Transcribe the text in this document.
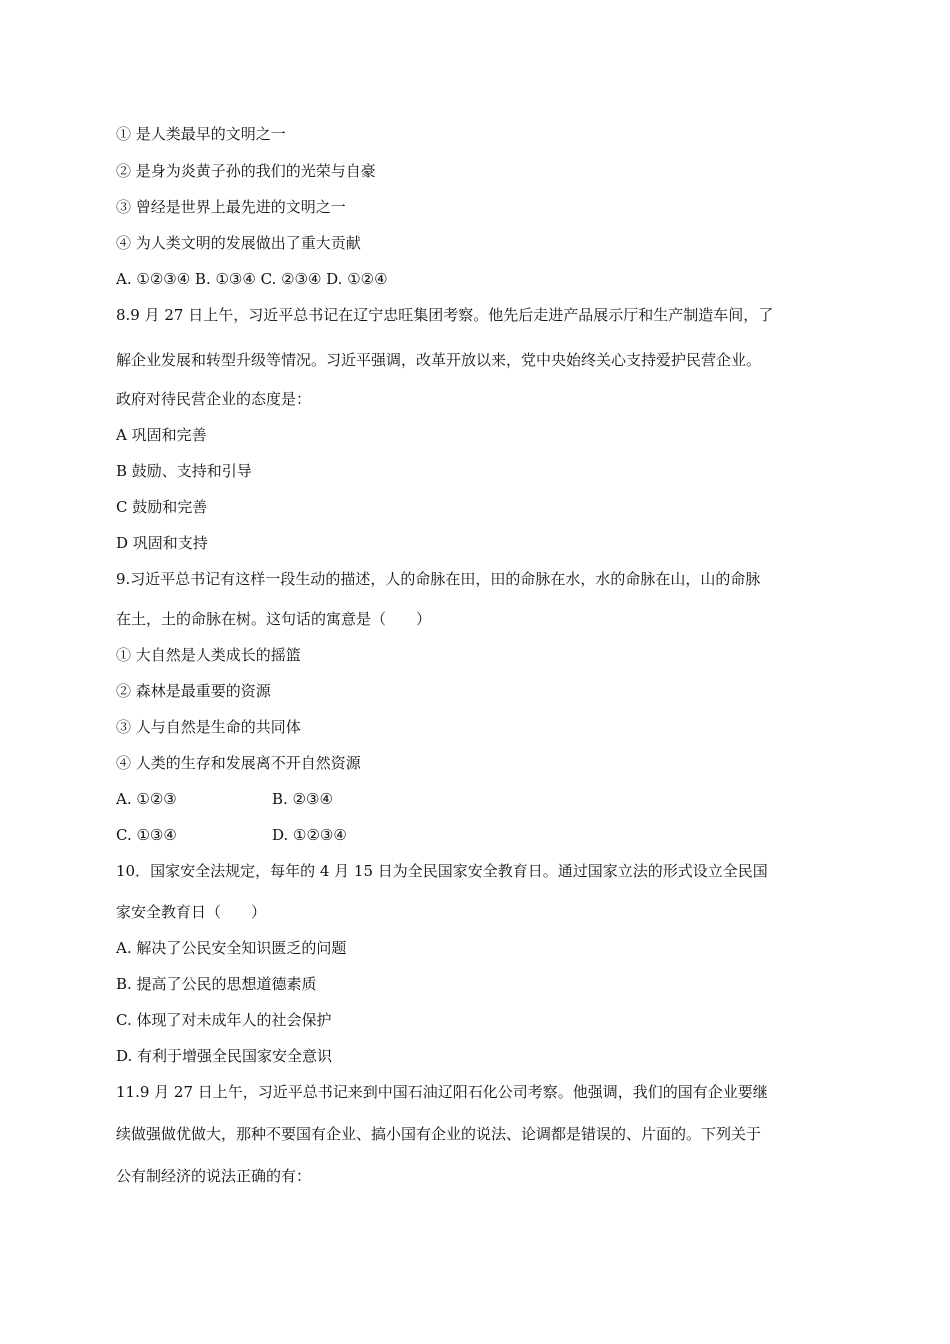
① 是人类最早的文明之一
② 是身为炎黄子孙的我们的光荣与自豪
③ 曾经是世界上最先进的文明之一
④ 为人类文明的发展做出了重大贡献
A. ①②③④ B. ①③④ C. ②③④ D. ①②④
8.9 月 27 日上午，习近平总书记在辽宁忠旺集团考察。他先后走进产品展示厅和生产制造车间，了
解企业发展和转型升级等情况。习近平强调，改革开放以来，党中央始终关心支持爱护民营企业。
政府对待民营企业的态度是：
A 巩固和完善
B 鼓励、支持和引导
C 鼓励和完善
D 巩固和支持
9.习近平总书记有这样一段生动的描述，人的命脉在田，田的命脉在水，水的命脉在山，山的命脉
在土，土的命脉在树。这句话的寓意是（　　）
① 大自然是人类成长的摇篮
② 森林是最重要的资源
③ 人与自然是生命的共同体
④ 人类的生存和发展离不开自然资源
A. ①②③	B. ②③④
C. ①③④	D. ①②③④
10．国家安全法规定，每年的 4 月 15 日为全民国家安全教育日。通过国家立法的形式设立全民国
家安全教育日（　　）
A. 解决了公民安全知识匮乏的问题
B. 提高了公民的思想道德素质
C. 体现了对未成年人的社会保护
D. 有利于增强全民国家安全意识
11.9 月 27 日上午，习近平总书记来到中国石油辽阳石化公司考察。他强调，我们的国有企业要继
续做强做优做大，那种不要国有企业、搞小国有企业的说法、论调都是错误的、片面的。下列关于
公有制经济的说法正确的有：
